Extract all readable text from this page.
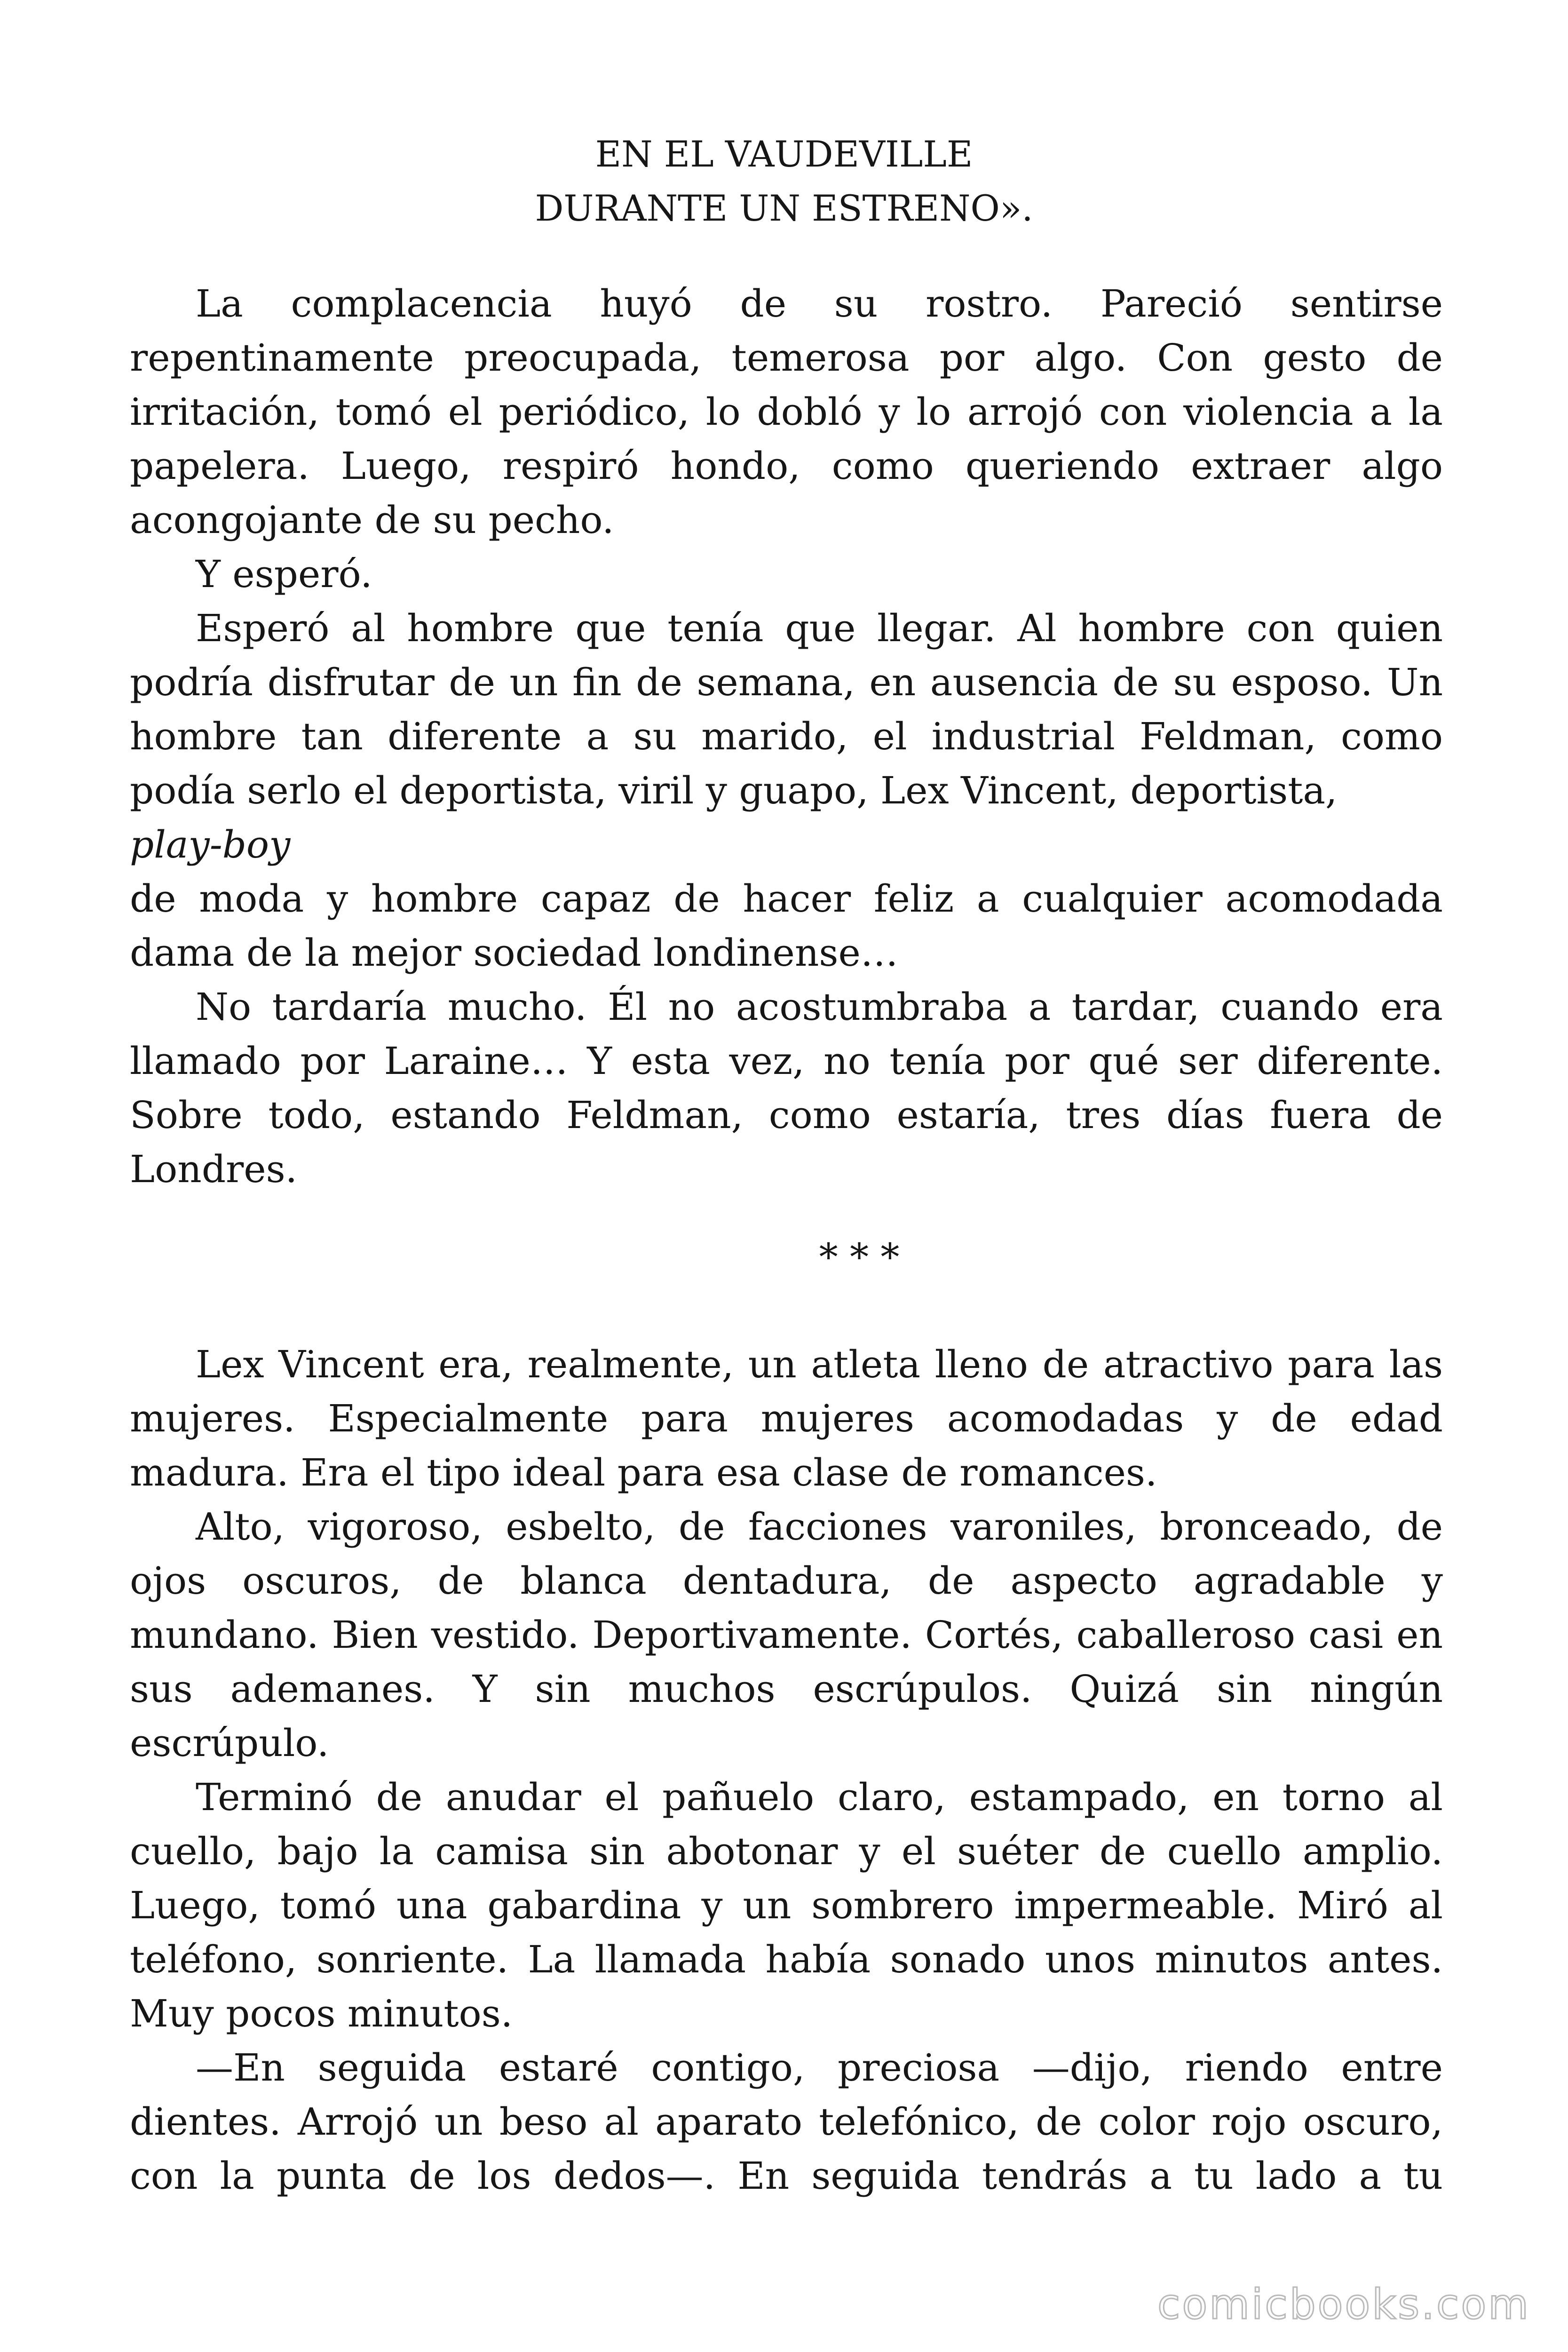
EN EL VAUDEVILLE
DURANTE UN ESTRENO».

La complacencia huyó de su rostro. Pareció sentirse repentinamente preocupada, temerosa por algo. Con gesto de irritación, tomó el periódico, lo dobló y lo arrojó con violencia a la papelera. Luego, respiró hondo, como queriendo extraer algo acongojante de su pecho.

Y esperó.

Esperó al hombre que tenía que llegar. Al hombre con quien podría disfrutar de un fin de semana, en ausencia de su esposo. Un hombre tan diferente a su marido, el industrial Feldman, como podía serlo el deportista, viril y guapo, Lex Vincent, deportista,

play-boy

de moda y hombre capaz de hacer feliz a cualquier acomodada dama de la mejor sociedad londinense…

No tardaría mucho. Él no acostumbraba a tardar, cuando era llamado por Laraine… Y esta vez, no tenía por qué ser diferente. Sobre todo, estando Feldman, como estaría, tres días fuera de Londres.

* * *

Lex Vincent era, realmente, un atleta lleno de atractivo para las mujeres. Especialmente para mujeres acomodadas y de edad madura. Era el tipo ideal para esa clase de romances.

Alto, vigoroso, esbelto, de facciones varoniles, bronceado, de ojos oscuros, de blanca dentadura, de aspecto agradable y mundano. Bien vestido. Deportivamente. Cortés, caballeroso casi en sus ademanes. Y sin muchos escrúpulos. Quizá sin ningún escrúpulo.

Terminó de anudar el pañuelo claro, estampado, en torno al cuello, bajo la camisa sin abotonar y el suéter de cuello amplio. Luego, tomó una gabardina y un sombrero impermeable. Miró al teléfono, sonriente. La llamada había sonado unos minutos antes. Muy pocos minutos.

—En seguida estaré contigo, preciosa —dijo, riendo entre dientes. Arrojó un beso al aparato telefónico, de color rojo oscuro, con la punta de los dedos—. En seguida tendrás a tu lado a tu

comicbooks.com
